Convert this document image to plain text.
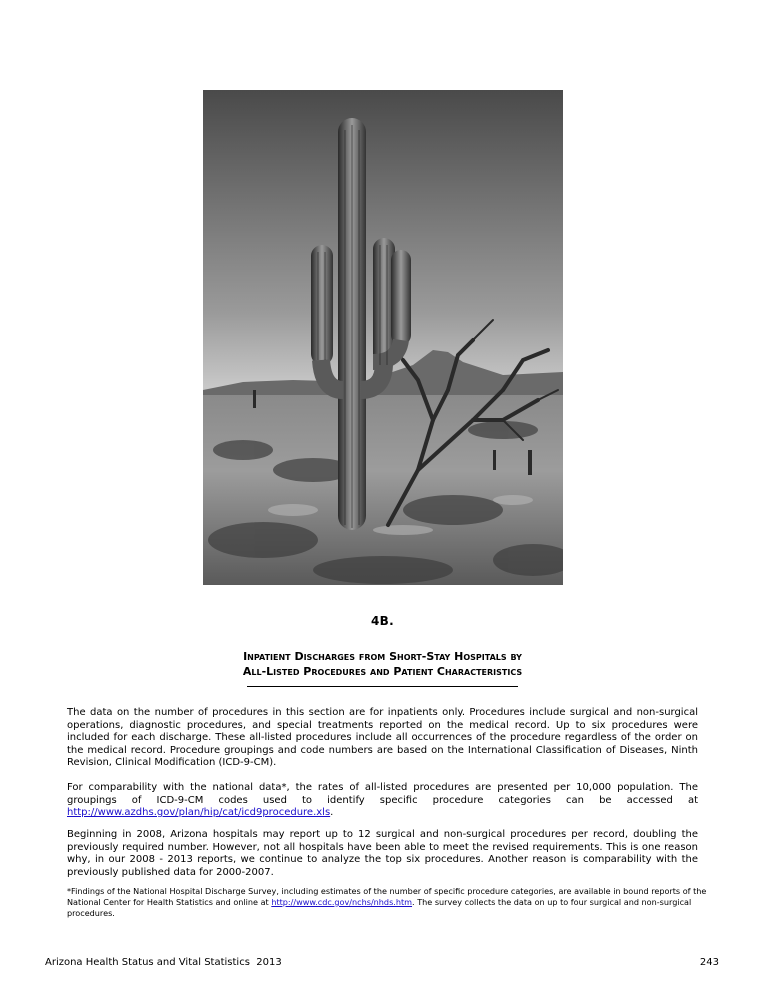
4B.
Inpatient Discharges from Short-Stay Hospitals by
All-Listed Procedures and Patient Characteristics

The data on the number of procedures in this section are for inpatients only. Procedures include surgical and non-surgical operations, diagnostic procedures, and special treatments reported on the medical record. Up to six procedures were included for each discharge. These all-listed procedures include all occurrences of the procedure regardless of the order on the medical record. Procedure groupings and code numbers are based on the International Classification of Diseases, Ninth Revision, Clinical Modification (ICD-9-CM).

For comparability with the national data*, the rates of all-listed procedures are presented per 10,000 population. The groupings of ICD-9-CM codes used to identify specific procedure categories can be accessed at http://www.azdhs.gov/plan/hip/cat/icd9procedure.xls.

Beginning in 2008, Arizona hospitals may report up to 12 surgical and non-surgical procedures per record, doubling the previously required number. However, not all hospitals have been able to meet the revised requirements. This is one reason why, in our 2008 - 2013 reports, we continue to analyze the top six procedures. Another reason is comparability with the previously published data for 2000-2007.

*Findings of the National Hospital Discharge Survey, including estimates of the number of specific procedure categories, are available in bound reports of the National Center for Health Statistics and online at http://www.cdc.gov/nchs/nhds.htm. The survey collects the data on up to four surgical and non-surgical procedures.

Arizona Health Status and Vital Statistics  2013	243
